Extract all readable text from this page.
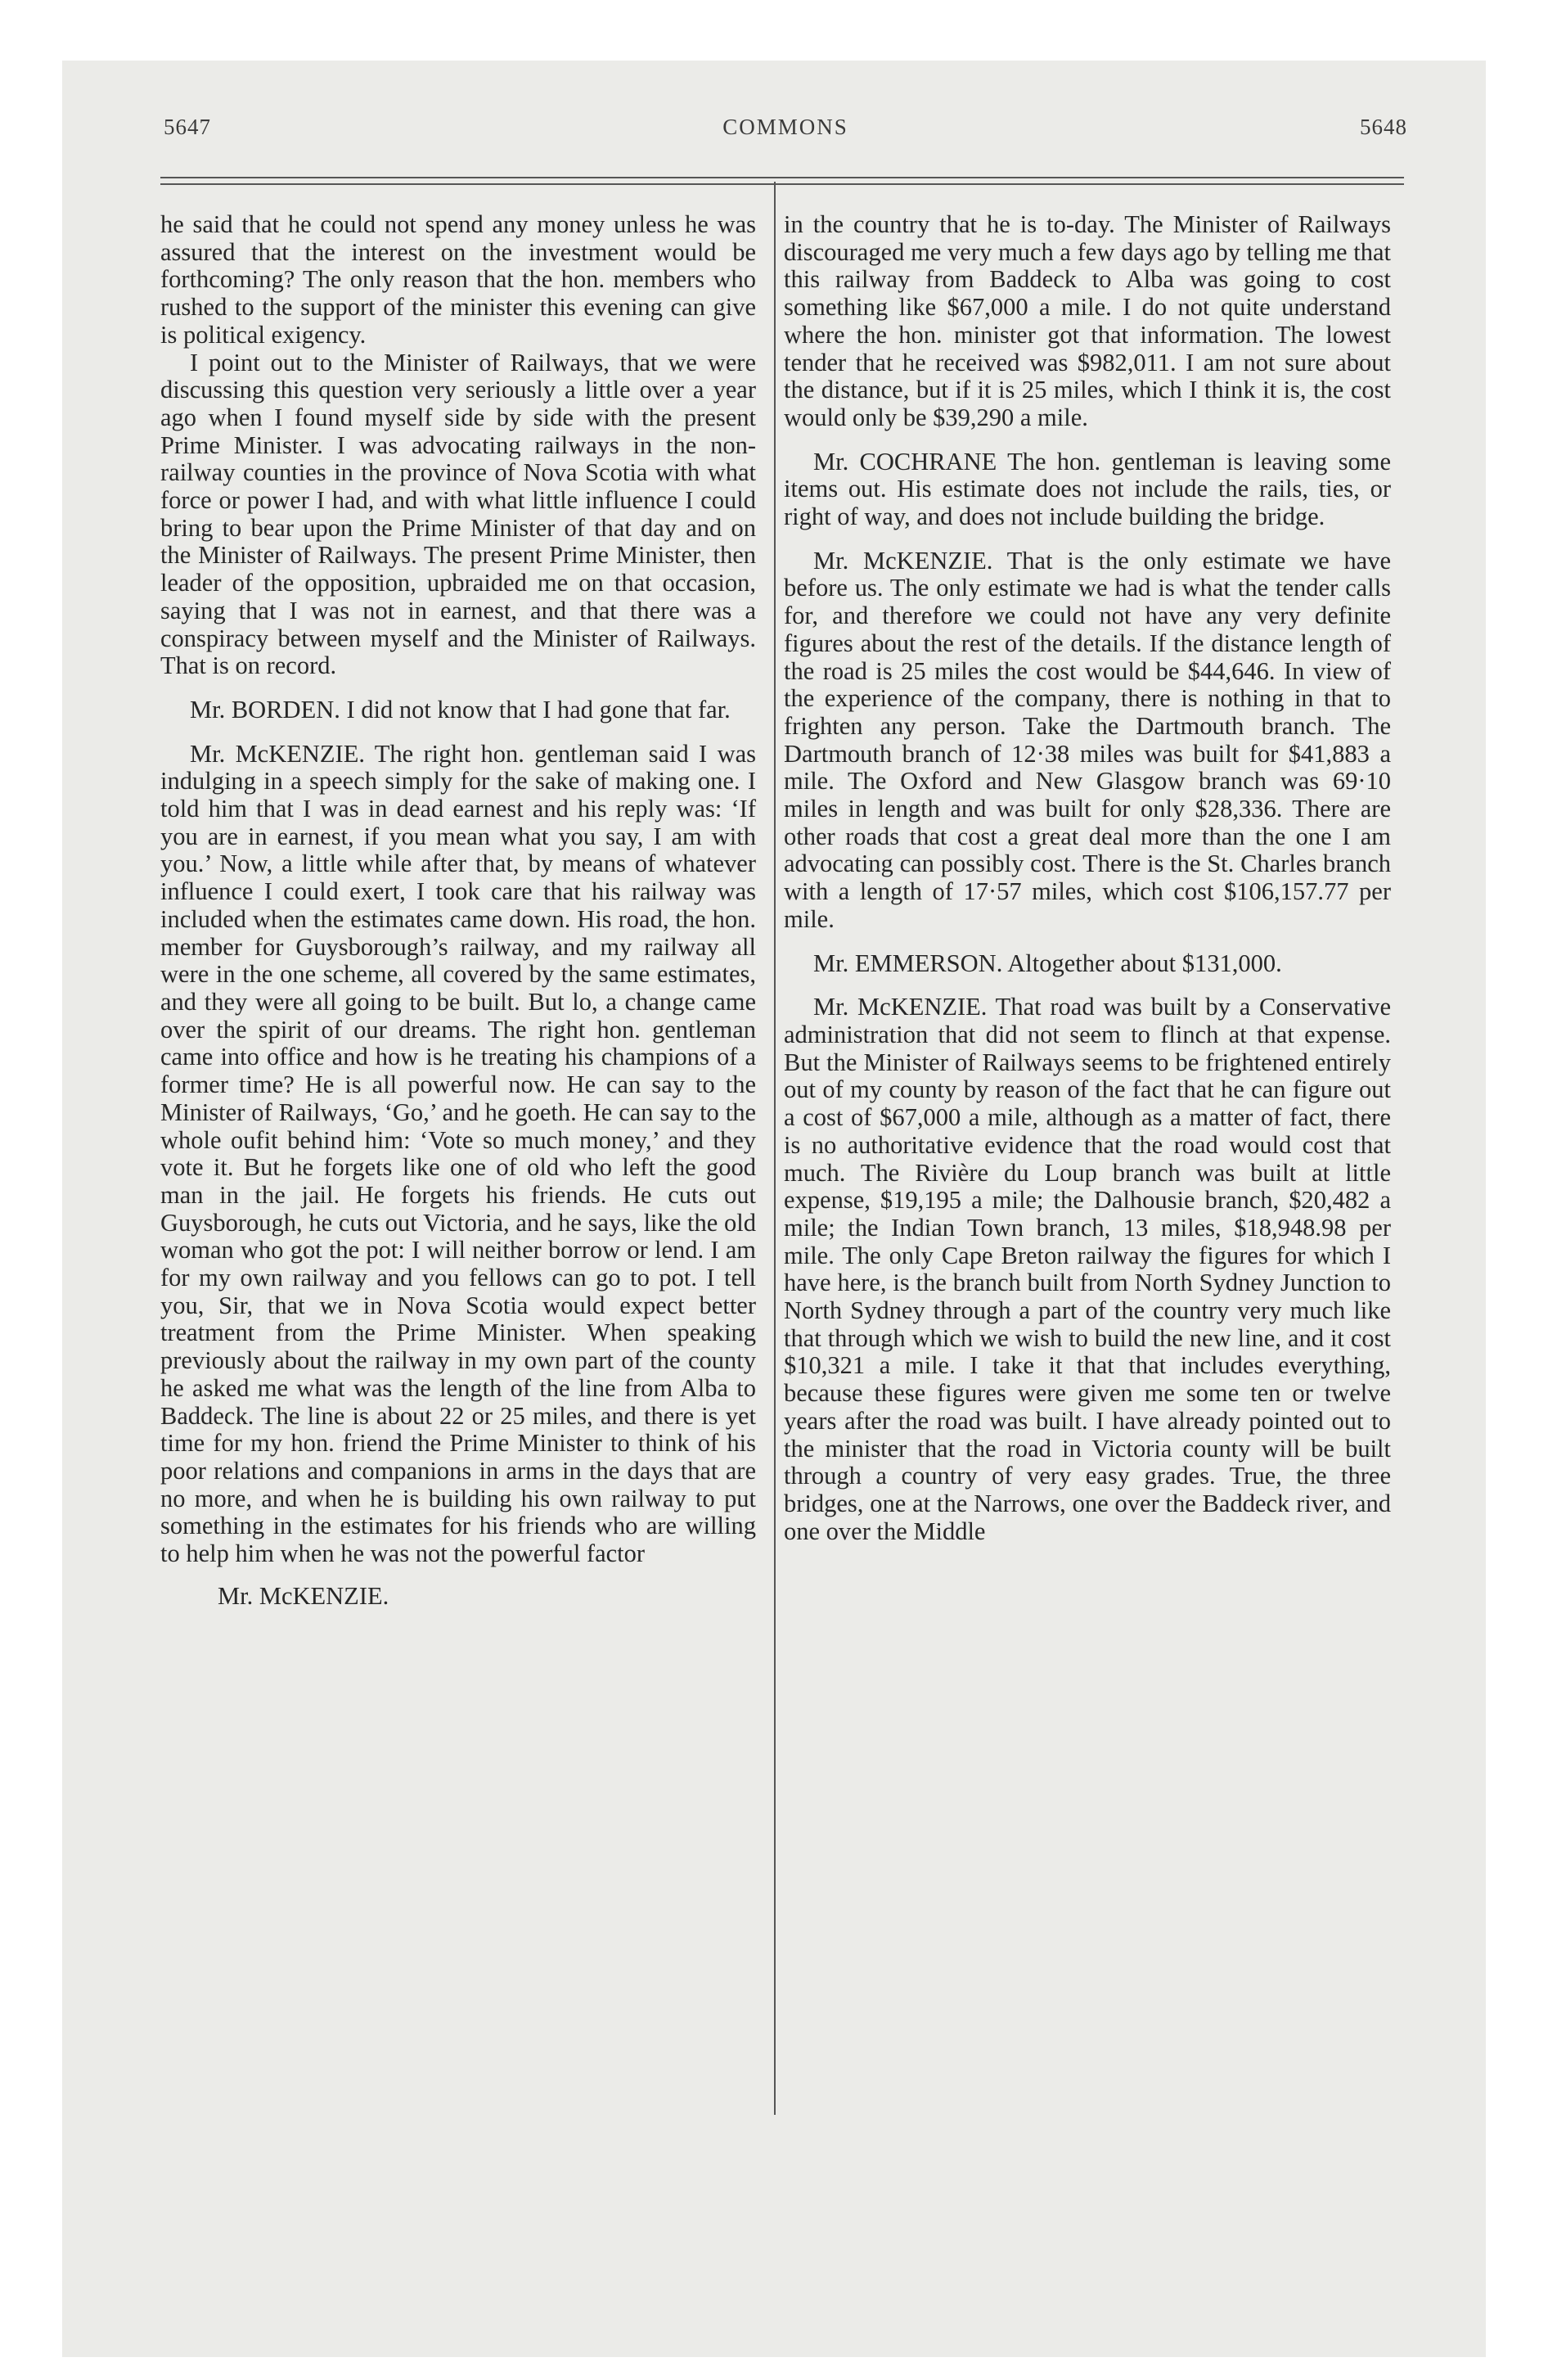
5647	COMMONS	5648

he said that he could not spend any money unless he was assured that the interest on the investment would be forthcoming? The only reason that the hon. members who rushed to the support of the minister this evening can give is political exigency.

I point out to the Minister of Railways, that we were discussing this question very seriously a little over a year ago when I found myself side by side with the present Prime Minister. I was advocating railways in the non-railway counties in the province of Nova Scotia with what force or power I had, and with what little influence I could bring to bear upon the Prime Minister of that day and on the Minister of Railways. The present Prime Minister, then leader of the opposition, upbraided me on that occasion, saying that I was not in earnest, and that there was a conspiracy between myself and the Minister of Railways. That is on record.

Mr. BORDEN. I did not know that I had gone that far.

Mr. McKENZIE. The right hon. gentleman said I was indulging in a speech simply for the sake of making one. I told him that I was in dead earnest and his reply was: ‘If you are in earnest, if you mean what you say, I am with you.’ Now, a little while after that, by means of whatever influence I could exert, I took care that his railway was included when the estimates came down. His road, the hon. member for Guysborough’s railway, and my railway all were in the one scheme, all covered by the same estimates, and they were all going to be built. But lo, a change came over the spirit of our dreams. The right hon. gentleman came into office and how is he treating his champions of a former time? He is all powerful now. He can say to the Minister of Railways, ‘Go,’ and he goeth. He can say to the whole oufit behind him: ‘Vote so much money,’ and they vote it. But he forgets like one of old who left the good man in the jail. He forgets his friends. He cuts out Guysborough, he cuts out Victoria, and he says, like the old woman who got the pot: I will neither borrow or lend. I am for my own railway and you fellows can go to pot. I tell you, Sir, that we in Nova Scotia would expect better treatment from the Prime Minister. When speaking previously about the railway in my own part of the county he asked me what was the length of the line from Alba to Baddeck. The line is about 22 or 25 miles, and there is yet time for my hon. friend the Prime Minister to think of his poor relations and companions in arms in the days that are no more, and when he is building his own railway to put something in the estimates for his friends who are willing to help him when he was not the powerful factor

Mr. McKENZIE.

in the country that he is to-day. The Minister of Railways discouraged me very much a few days ago by telling me that this railway from Baddeck to Alba was going to cost something like $67,000 a mile. I do not quite understand where the hon. minister got that information. The lowest tender that he received was $982,011. I am not sure about the distance, but if it is 25 miles, which I think it is, the cost would only be $39,290 a mile.

Mr. COCHRANE The hon. gentleman is leaving some items out. His estimate does not include the rails, ties, or right of way, and does not include building the bridge.

Mr. McKENZIE. That is the only estimate we have before us. The only estimate we had is what the tender calls for, and therefore we could not have any very definite figures about the rest of the details. If the distance length of the road is 25 miles the cost would be $44,646. In view of the experience of the company, there is nothing in that to frighten any person. Take the Dartmouth branch. The Dartmouth branch of 12·38 miles was built for $41,883 a mile. The Oxford and New Glasgow branch was 69·10 miles in length and was built for only $28,336. There are other roads that cost a great deal more than the one I am advocating can possibly cost. There is the St. Charles branch with a length of 17·57 miles, which cost $106,157.77 per mile.

Mr. EMMERSON. Altogether about $131,000.

Mr. McKENZIE. That road was built by a Conservative administration that did not seem to flinch at that expense. But the Minister of Railways seems to be frightened entirely out of my county by reason of the fact that he can figure out a cost of $67,000 a mile, although as a matter of fact, there is no authoritative evidence that the road would cost that much. The Rivière du Loup branch was built at little expense, $19,195 a mile; the Dalhousie branch, $20,482 a mile; the Indian Town branch, 13 miles, $18,948.98 per mile. The only Cape Breton railway the figures for which I have here, is the branch built from North Sydney Junction to North Sydney through a part of the country very much like that through which we wish to build the new line, and it cost $10,321 a mile. I take it that that includes everything, because these figures were given me some ten or twelve years after the road was built. I have already pointed out to the minister that the road in Victoria county will be built through a country of very easy grades. True, the three bridges, one at the Narrows, one over the Baddeck river, and one over the Middle
